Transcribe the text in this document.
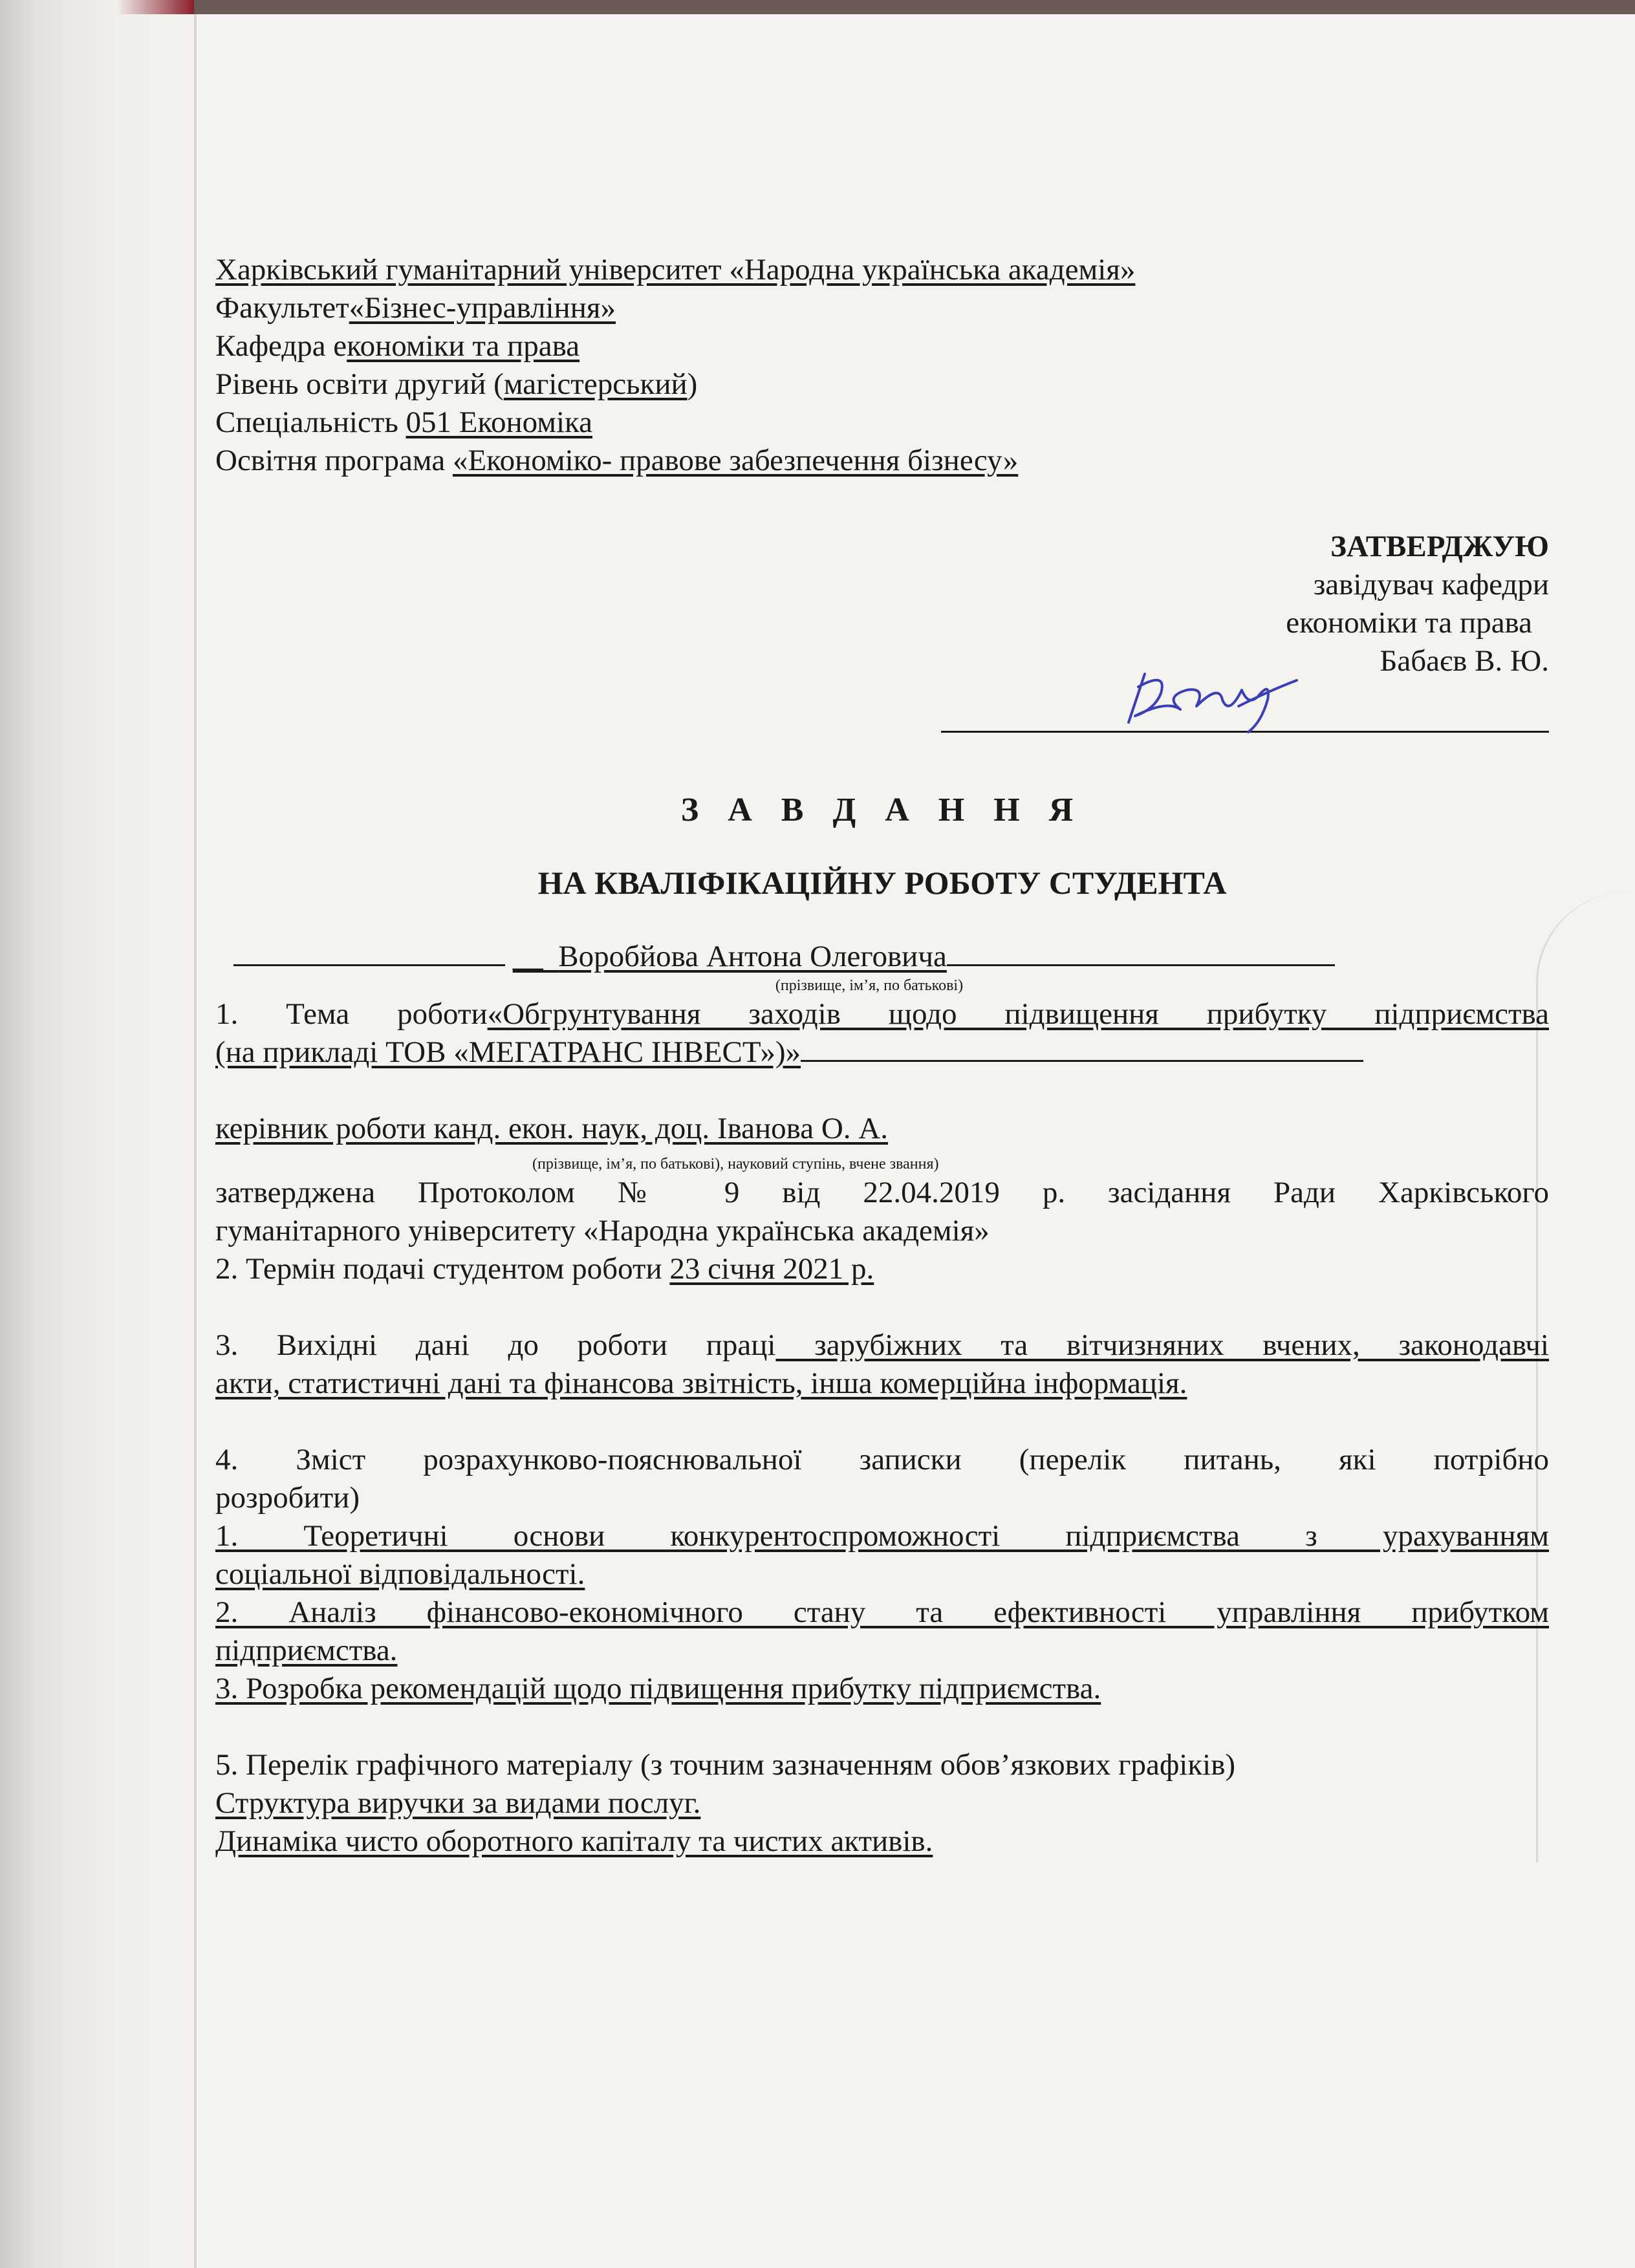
Харківський гуманітарний університет «Народна українська академія»
Факультет«Бізнес-управління»
Кафедра економіки та права
Рівень освіти другий (магістерський)
Спеціальність 051 Економіка
Освітня програма «Економіко- правове забезпечення бізнесу»
ЗАТВЕРДЖУЮ
завідувач кафедри
економіки та права
Бабаєв В. Ю.
З А В Д А Н Н Я
НА КВАЛІФІКАЦІЙНУ РОБОТУ СТУДЕНТА
__  Воробйова Антона Олеговича
(прізвище, ім’я, по батькові)
1. Тема роботи«Обгрунтування заходів щодо підвищення прибутку підприємства
(на прикладі ТОВ «МЕГАТРАНС ІНВЕСТ»)»
керівник роботи канд. екон. наук, доц. Іванова О. А.
(прізвище, ім’я, по батькові), науковий ступінь, вчене звання)
затверджена Протоколом № 9 від 22.04.2019 р. засідання Ради Харківського
гуманітарного університету «Народна українська академія»
2. Термін подачі студентом роботи 23 січня 2021 р.
3. Вихідні дані до роботи праці зарубіжних та вітчизняних вчених, законодавчі
акти, статистичні дані та фінансова звітність, інша комерційна інформація.
4. Зміст розрахунково-пояснювальної записки (перелік питань, які потрібно
розробити)
1. Теоретичні основи конкурентоспроможності підприємства з урахуванням
соціальної відповідальності.
2. Аналіз фінансово-економічного стану та ефективності управління прибутком
підприємства.
3. Розробка рекомендацій щодо підвищення прибутку підприємства.
5. Перелік графічного матеріалу (з точним зазначенням обов’язкових графіків)
Структура виручки за видами послуг.
Динаміка чисто оборотного капіталу та чистих активів.
